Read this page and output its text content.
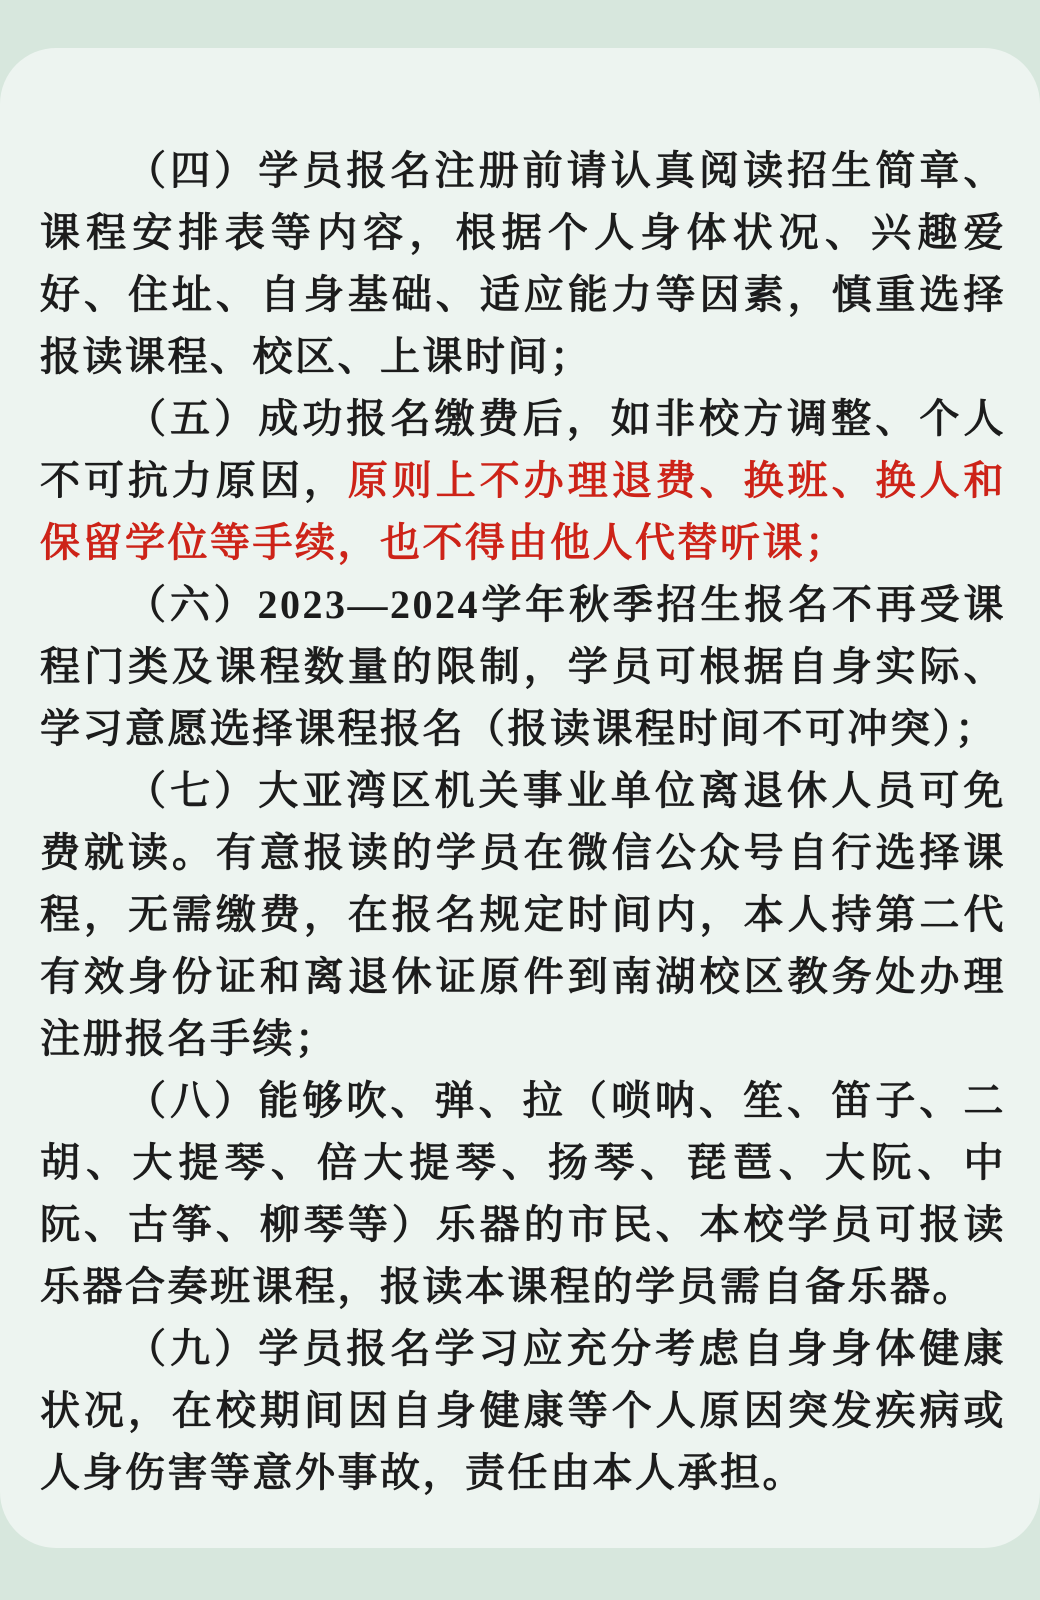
（四）学员报名注册前请认真阅读招生简章、课程安排表等内容，根据个人身体状况、兴趣爱好、住址、自身基础、适应能力等因素，慎重选择报读课程、校区、上课时间；

（五）成功报名缴费后，如非校方调整、个人不可抗力原因，原则上不办理退费、换班、换人和保留学位等手续，也不得由他人代替听课；

（六）2023—2024学年秋季招生报名不再受课程门类及课程数量的限制，学员可根据自身实际、学习意愿选择课程报名（报读课程时间不可冲突）；

（七）大亚湾区机关事业单位离退休人员可免费就读。有意报读的学员在微信公众号自行选择课程，无需缴费，在报名规定时间内，本人持第二代有效身份证和离退休证原件到南湖校区教务处办理注册报名手续；

（八）能够吹、弹、拉（唢呐、笙、笛子、二胡、大提琴、倍大提琴、扬琴、琵琶、大阮、中阮、古筝、柳琴等）乐器的市民、本校学员可报读乐器合奏班课程，报读本课程的学员需自备乐器。

（九）学员报名学习应充分考虑自身身体健康状况，在校期间因自身健康等个人原因突发疾病或人身伤害等意外事故，责任由本人承担。
